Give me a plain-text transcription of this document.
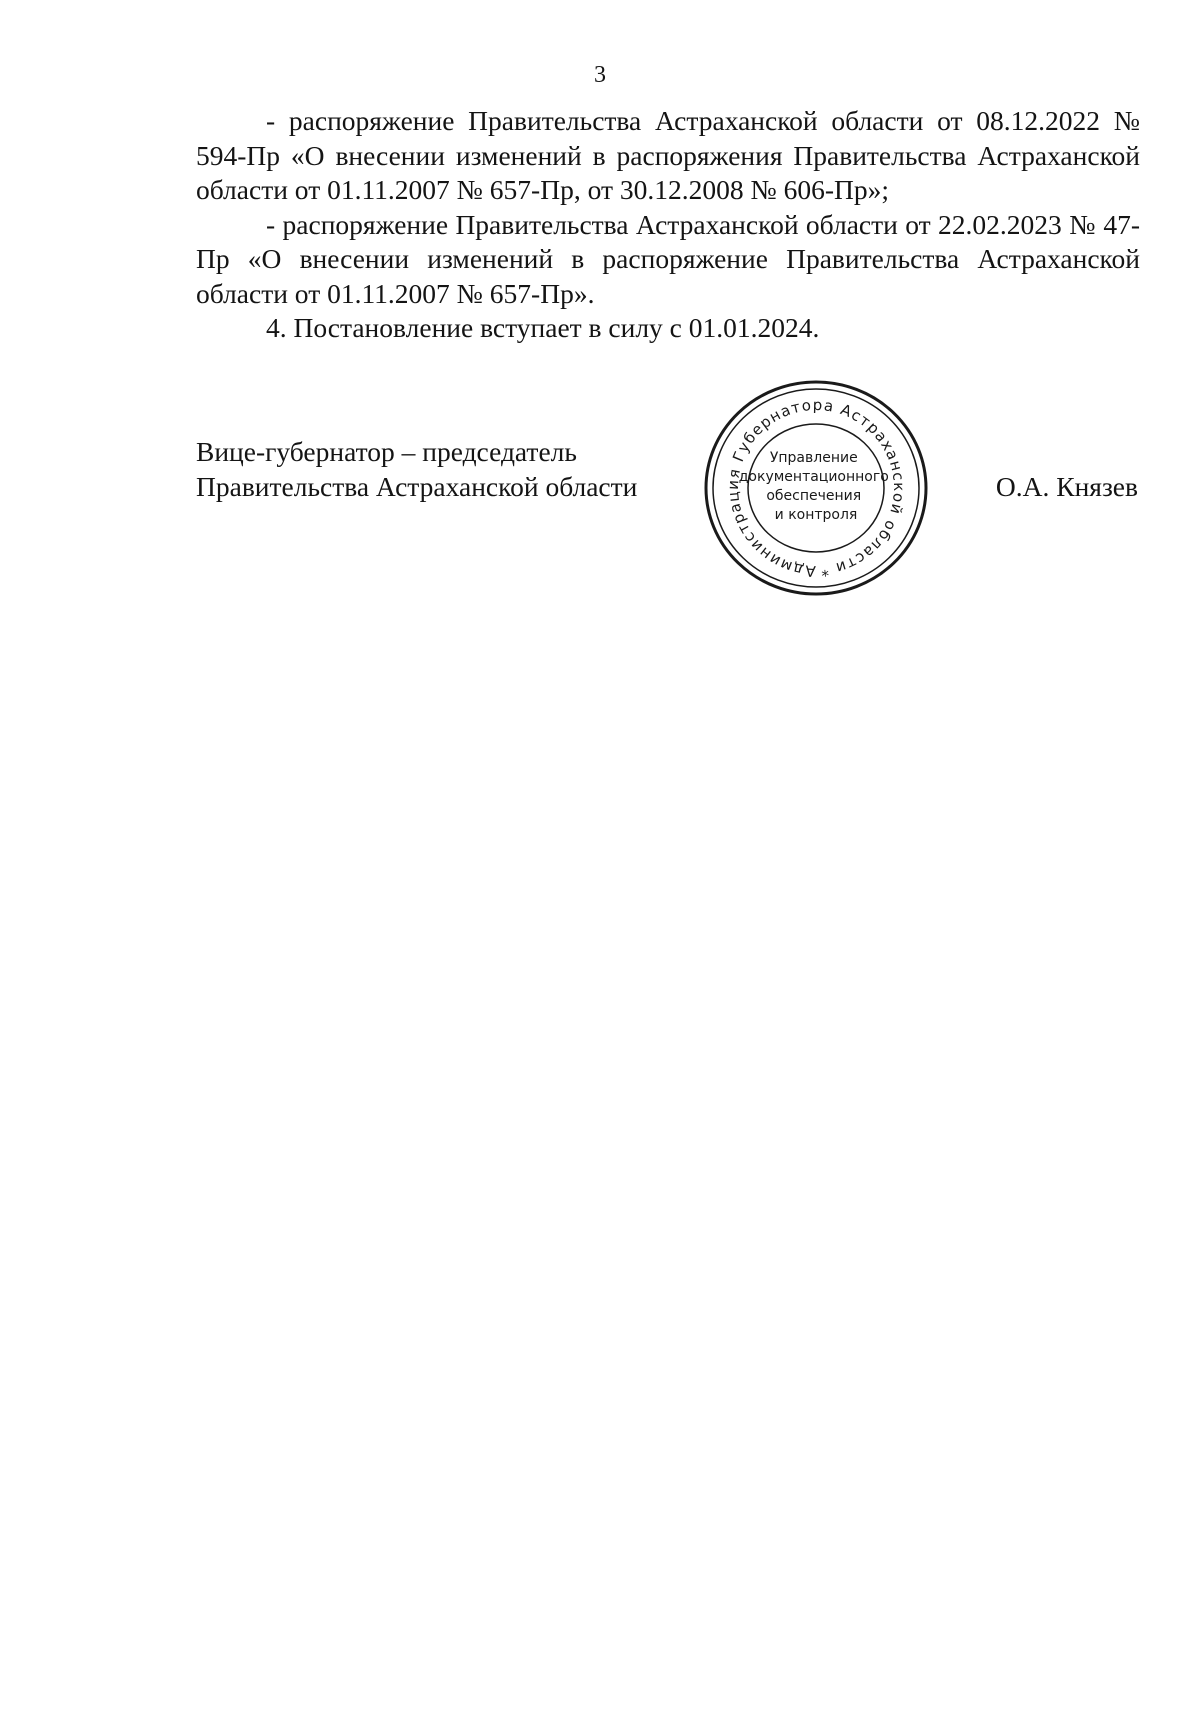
3

- распоряжение Правительства Астраханской области от 08.12.2022 № 594-Пр «О внесении изменений в распоряжения Правительства Астраханской области от 01.11.2007 № 657-Пр, от 30.12.2008 № 606-Пр»;

- распоряжение Правительства Астраханской области от 22.02.2023 № 47-Пр «О внесении изменений в распоряжение Правительства Астраханской области от 01.11.2007 № 657-Пр».

4. Постановление вступает в силу с 01.01.2024.

Вице-губернатор – председатель
Правительства Астраханской области	О.А. Князев
Администрация Губернатора Астраханской области *
Управление документационного обеспечения и контроля
